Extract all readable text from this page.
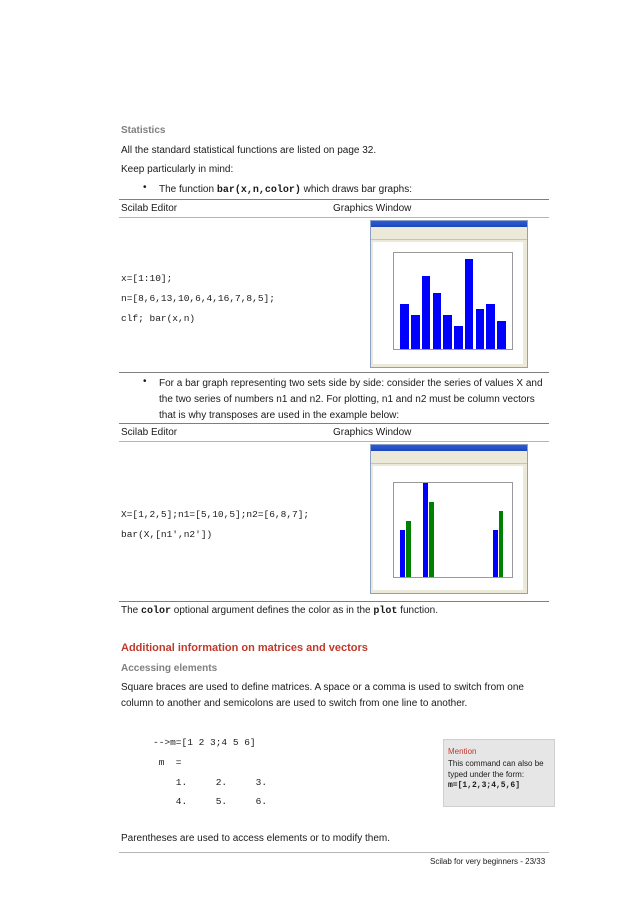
Statistics
All the standard statistical functions are listed on page 32.
Keep particularly in mind:
• The function bar(x,n,color) which draws bar graphs:
Scilab Editor	Graphics Window
x=[1:10];
n=[8,6,13,10,6,4,16,7,8,5];
clf; bar(x,n)
• For a bar graph representing two sets side by side: consider the series of values X and
the two series of numbers n1 and n2. For plotting, n1 and n2 must be column vectors
that is why transposes are used in the example below:
Scilab Editor	Graphics Window
X=[1,2,5];n1=[5,10,5];n2=[6,8,7];
bar(X,[n1',n2'])
The color optional argument defines the color as in the plot function.
Additional information on matrices and vectors
Accessing elements
Square braces are used to define matrices. A space or a comma is used to switch from one
column to another and semicolons are used to switch from one line to another.
-->m=[1 2 3;4 5 6]
m  =
1.     2.     3.
4.     5.     6.
Mention
This command can also be
typed under the form:
m=[1,2,3;4,5,6]
Parentheses are used to access elements or to modify them.
Scilab for very beginners - 23/33
